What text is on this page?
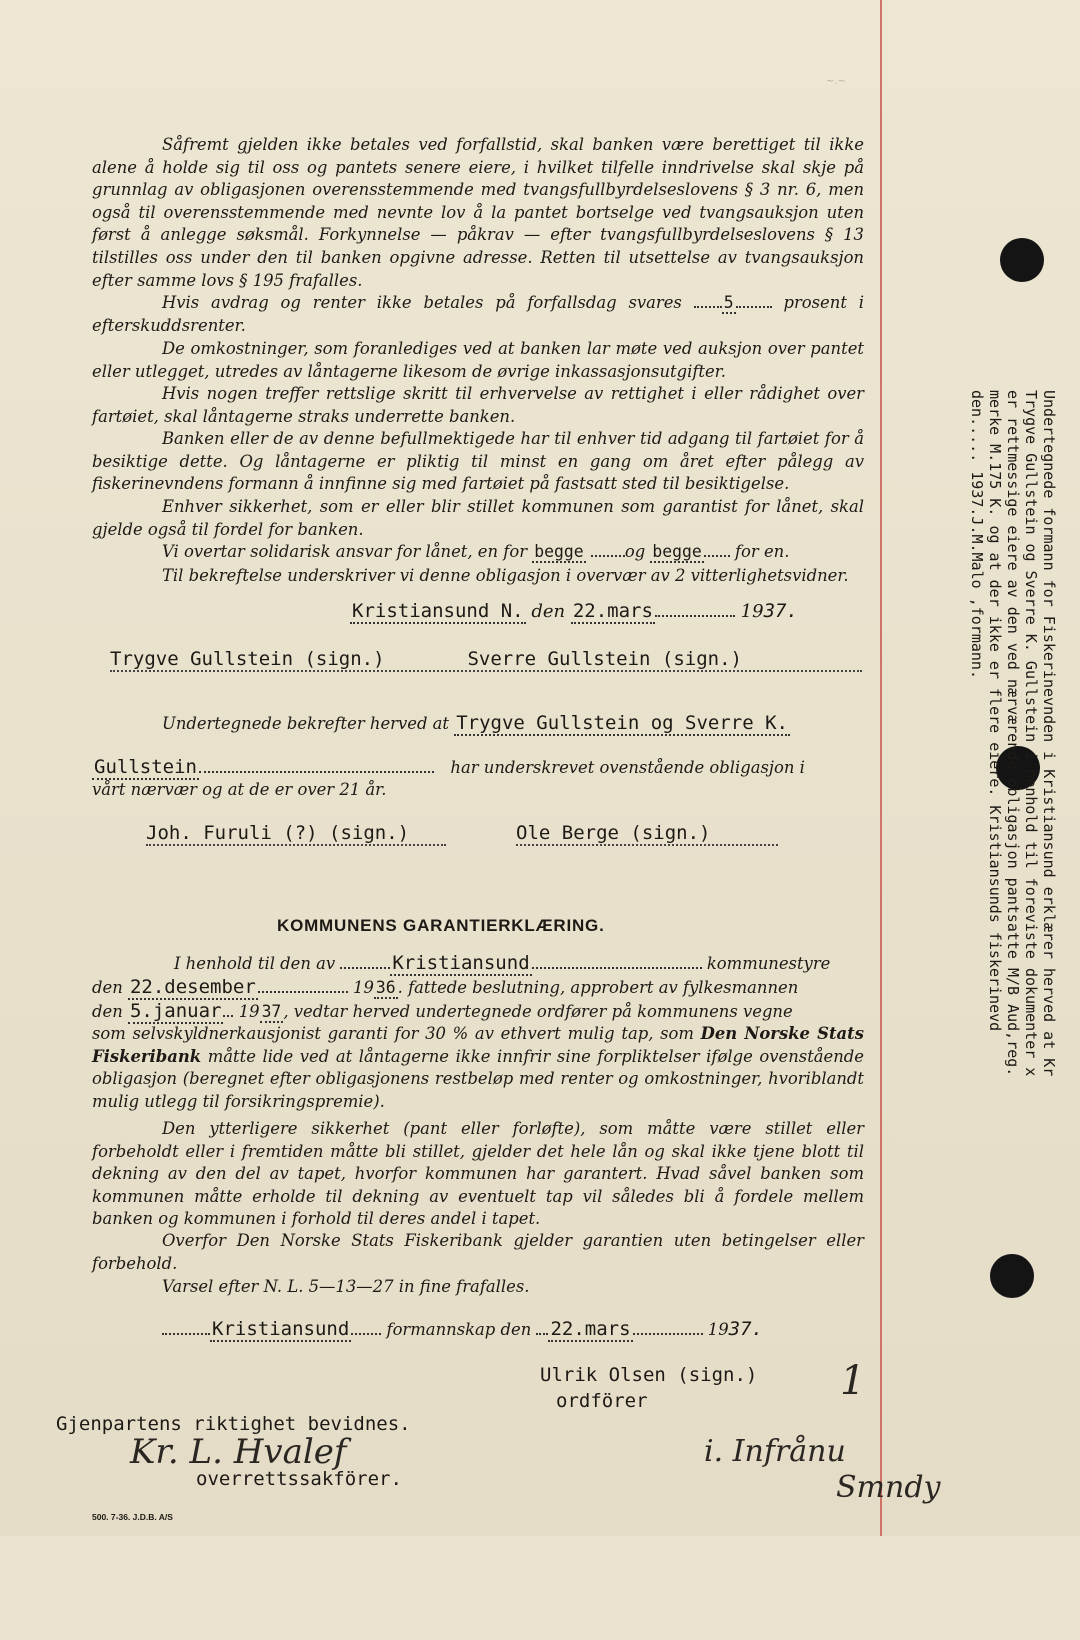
~.~

Såfremt gjelden ikke betales ved forfallstid, skal banken være berettiget til ikke alene å holde sig til oss og pantets senere eiere, i hvilket tilfelle inndrivelse skal skje på grunnlag av obligasjonen overensstemmende med tvangsfullbyrdelseslovens § 3 nr. 6, men også til overensstemmende med nevnte lov å la pantet bortselge ved tvangsauksjon uten først å anlegge søksmål. Forkynnelse — påkrav — efter tvangsfullbyrdelseslovens § 13 tilstilles oss under den til banken opgivne adresse. Retten til utsettelse av tvangsauksjon efter samme lovs § 195 frafalles.

Hvis avdrag og renter ikke betales på forfallsdag svares	5	prosent i efterskuddsrenter.

De omkostninger, som foranlediges ved at banken lar møte ved auksjon over pantet eller utlegget, utredes av låntagerne likesom de øvrige inkassasjonsutgifter.

Hvis nogen treffer rettslige skritt til erhvervelse av rettighet i eller rådighet over fartøiet, skal låntagerne straks underrette banken.

Banken eller de av denne befullmektigede har til enhver tid adgang til fartøiet for å besiktige dette. Og låntagerne er pliktig til minst en gang om året efter pålegg av fiskerinevndens formann å innfinne sig med fartøiet på fastsatt sted til besiktigelse.

Enhver sikkerhet, som er eller blir stillet kommunen som garantist for lånet, skal gjelde også til fordel for banken.

Vi overtar solidarisk ansvar for lånet, en for begge	og begge for en.

Til bekreftelse underskriver vi denne obligasjon i overvær av 2 vitterlighetsvidner.

Kristiansund N. den 22.mars	1937.
Trygve Gullstein (sign.)	Sverre Gullstein (sign.)
Undertegnede bekrefter herved at Trygve Gullstein og Sverre K.
Gullstein	har underskrevet ovenstående obligasjon i
vårt nærvær og at de er over 21 år.
Joh. Furuli (?) (sign.)	Ole Berge (sign.)
KOMMUNENS GARANTIERKLÆRING.
I henhold til den av	Kristiansund	kommunestyre
den 22.desember	19 36 . fattede beslutning, approbert av fylkesmannen
den 5.januar 19 37 , vedtar herved undertegnede ordfører på kommunens vegne

som selvskyldnerkausjonist garanti for 30 % av ethvert mulig tap, som Den Norske Stats Fiskeribank måtte lide ved at låntagerne ikke innfrir sine forpliktelser ifølge ovenstående obligasjon (beregnet efter obligasjonens restbeløp med renter og omkostninger, hvoriblandt mulig utlegg til forsikringspremie).

Den ytterligere sikkerhet (pant eller forløfte), som måtte være stillet eller forbeholdt eller i fremtiden måtte bli stillet, gjelder det hele lån og skal ikke tjene blott til dekning av den del av tapet, hvorfor kommunen har garantert. Hvad såvel banken som kommunen måtte erholde til dekning av eventuelt tap vil således bli å fordele mellem banken og kommunen i forhold til deres andel i tapet.

Overfor Den Norske Stats Fiskeribank gjelder garantien uten betingelser eller forbehold.

Varsel efter N. L. 5—13—27 in fine frafalles.

Kristiansund formannskap den 22.mars	1937.
Ulrik Olsen (sign.)
ordförer	1
Gjenpartens riktighet bevidnes.
Kr. L. Hvalef
overrettssakförer.
i. Infrånu
Smndy
500. 7-36. J.D.B. A/S
Undertegnede formann for Fiskerinevnden i Kristiansund erklærer herved at Kr
Trygve Gullstein og Sverre K. Gullstein i henhold til foreviste dokumenter x
er rettmessige eiere av den ved nærværende obligasjon pantsatte M/B Aud,reg.
merke M.175 K. og at der ikke er flere eiere. Kristiansunds fiskerinevd
den..... 1937.J.M.Malo ,formann.
